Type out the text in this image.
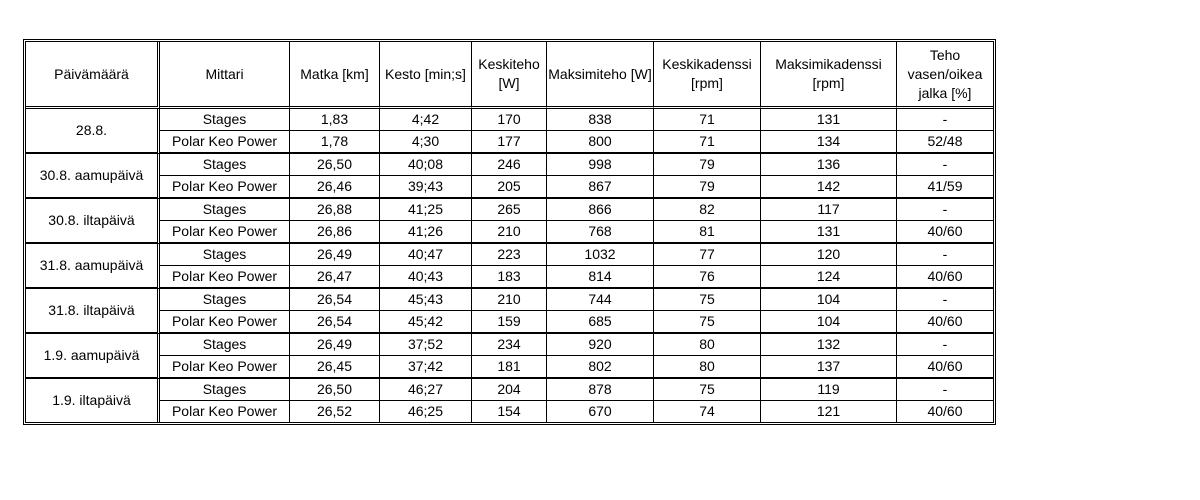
Päivämäärä	Mittari	Matka [km]	Kesto [min;s]	Keskiteho [W]	Maksimiteho [W]	Keskikadenssi [rpm]	Maksimikadenssi [rpm]	Teho vasen/oikea jalka [%]
28.8.	Stages	1,83	4;42	170	838	71	131	-
	Polar Keo Power	1,78	4;30	177	800	71	134	52/48
30.8. aamupäivä	Stages	26,50	40;08	246	998	79	136	-
	Polar Keo Power	26,46	39;43	205	867	79	142	41/59
30.8. iltapäivä	Stages	26,88	41;25	265	866	82	117	-
	Polar Keo Power	26,86	41;26	210	768	81	131	40/60
31.8. aamupäivä	Stages	26,49	40;47	223	1032	77	120	-
	Polar Keo Power	26,47	40;43	183	814	76	124	40/60
31.8. iltapäivä	Stages	26,54	45;43	210	744	75	104	-
	Polar Keo Power	26,54	45;42	159	685	75	104	40/60
1.9. aamupäivä	Stages	26,49	37;52	234	920	80	132	-
	Polar Keo Power	26,45	37;42	181	802	80	137	40/60
1.9. iltapäivä	Stages	26,50	46;27	204	878	75	119	-
	Polar Keo Power	26,52	46;25	154	670	74	121	40/60
